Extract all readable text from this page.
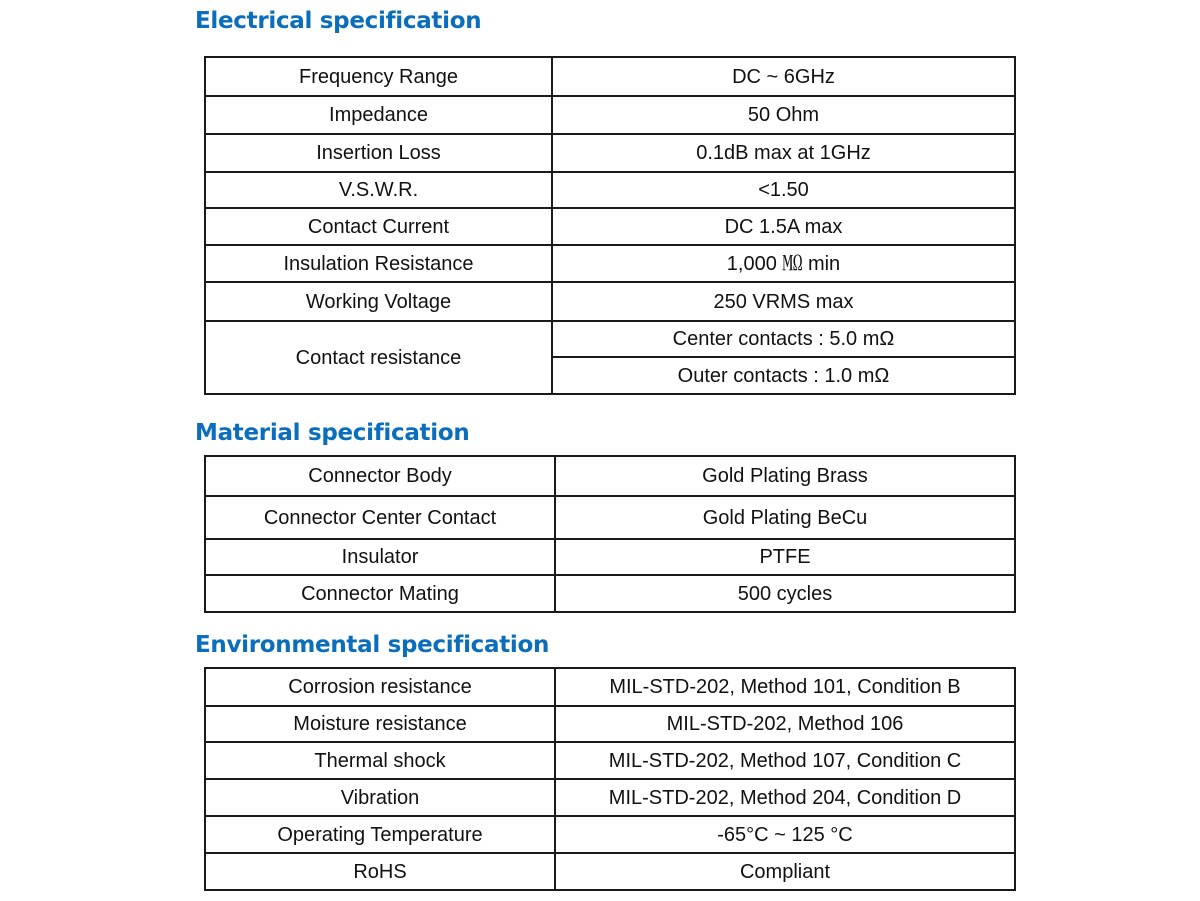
Electrical specification
Frequency Range	DC ~ 6GHz
Impedance	50 Ohm
Insertion Loss	0.1dB max at 1GHz
V.S.W.R.	<1.50
Contact Current	DC 1.5A max
Insulation Resistance	1,000 ㏁ min
Working Voltage	250 VRMS max
Contact resistance	Center contacts : 5.0 mΩ
	Outer contacts : 1.0 mΩ
Material specification
Connector Body	Gold Plating Brass
Connector Center Contact	Gold Plating BeCu
Insulator	PTFE
Connector Mating	500 cycles
Environmental specification
Corrosion resistance	MIL-STD-202, Method 101, Condition B
Moisture resistance	MIL-STD-202, Method 106
Thermal shock	MIL-STD-202, Method 107, Condition C
Vibration	MIL-STD-202, Method 204, Condition D
Operating Temperature	-65°C ~ 125 °C
RoHS	Compliant
